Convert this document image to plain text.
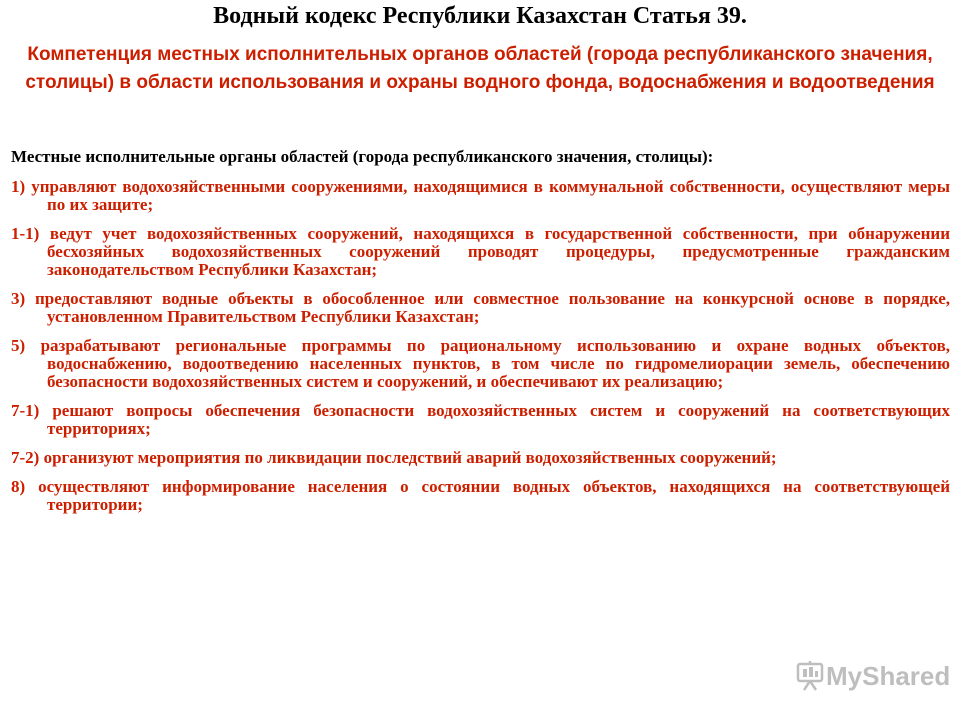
Водный кодекс Республики Казахстан Статья 39.
Компетенция местных исполнительных органов областей (города республиканского значения, столицы) в области использования и охраны водного фонда, водоснабжения и водоотведения

Местные исполнительные органы областей (города республиканского значения, столицы):

1) управляют водохозяйственными сооружениями, находящимися в коммунальной собственности, осуществляют меры по их защите;

1-1) ведут учет водохозяйственных сооружений, находящихся в государственной собственности, при обнаружении бесхозяйных водохозяйственных сооружений проводят процедуры, предусмотренные гражданским законодательством Республики Казахстан;

3) предоставляют водные объекты в обособленное или совместное пользование на конкурсной основе в порядке, установленном Правительством Республики Казахстан;

5) разрабатывают региональные программы по рациональному использованию и охране водных объектов, водоснабжению, водоотведению населенных пунктов, в том числе по гидромелиорации земель, обеспечению безопасности водохозяйственных систем и сооружений, и обеспечивают их реализацию;

7-1) решают вопросы обеспечения безопасности водохозяйственных систем и сооружений на соответствующих территориях;

7-2) организуют мероприятия по ликвидации последствий аварий водохозяйственных сооружений;

8) осуществляют информирование населения о состоянии водных объектов, находящихся на соответствующей территории;

MyShared
